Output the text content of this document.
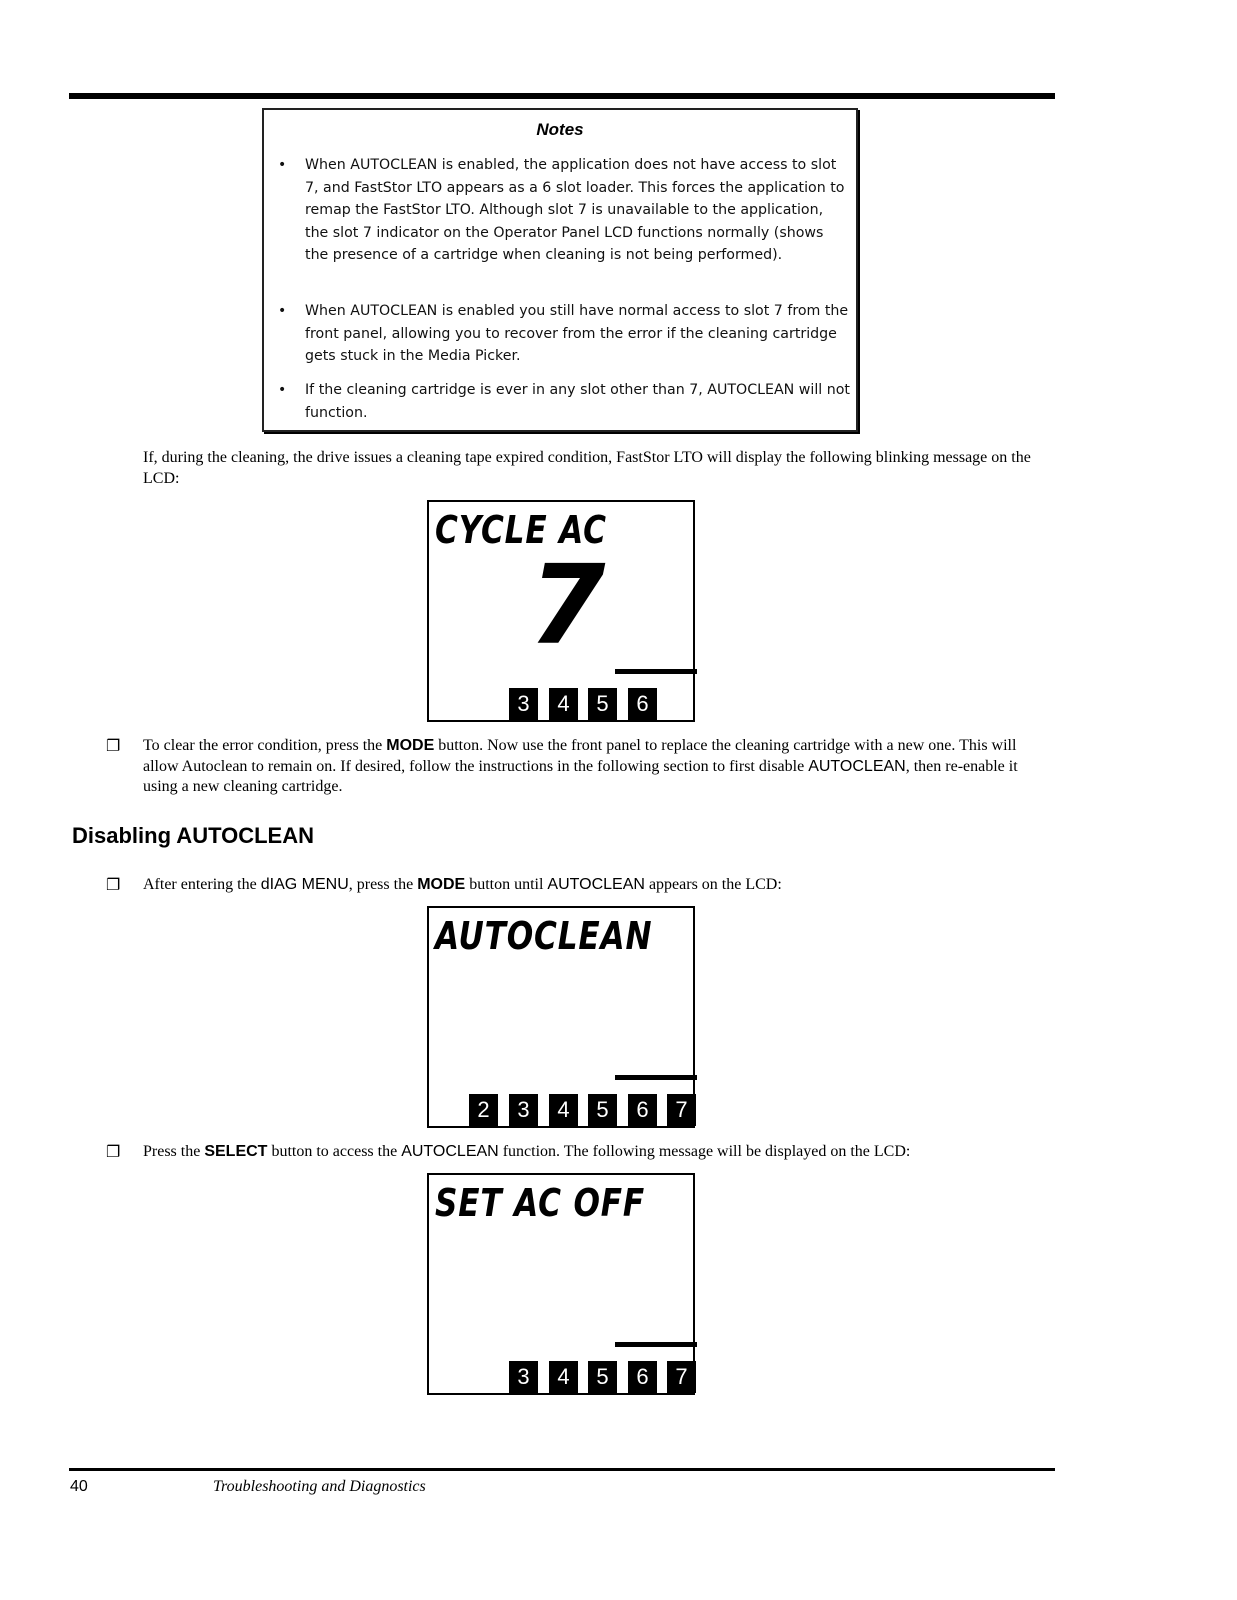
Notes
• When AUTOCLEAN is enabled, the application does not have access to slot 7, and FastStor LTO appears as a 6 slot loader. This forces the application to remap the FastStor LTO. Although slot 7 is unavailable to the application, the slot 7 indicator on the Operator Panel LCD functions normally (shows the presence of a cartridge when cleaning is not being performed).
• When AUTOCLEAN is enabled you still have normal access to slot 7 from the front panel, allowing you to recover from the error if the cleaning cartridge gets stuck in the Media Picker.
• If the cleaning cartridge is ever in any slot other than 7, AUTOCLEAN will not function.
If, during the cleaning, the drive issues a cleaning tape expired condition, FastStor LTO will display the following blinking message on the LCD:
CYCLE AC
7
3	4	5	6
❐ To clear the error condition, press the MODE button. Now use the front panel to replace the cleaning cartridge with a new one. This will allow Autoclean to remain on. If desired, follow the instructions in the following section to first disable AUTOCLEAN, then re-enable it using a new cleaning cartridge.
Disabling AUTOCLEAN
❐ After entering the dIAG MENU, press the MODE button until AUTOCLEAN appears on the LCD:
AUTOCLEAN
2	3	4	5	6	7
❐ Press the SELECT button to access the AUTOCLEAN function. The following message will be displayed on the LCD:
SET AC OFF
3	4	5	6	7
40	Troubleshooting and Diagnostics
